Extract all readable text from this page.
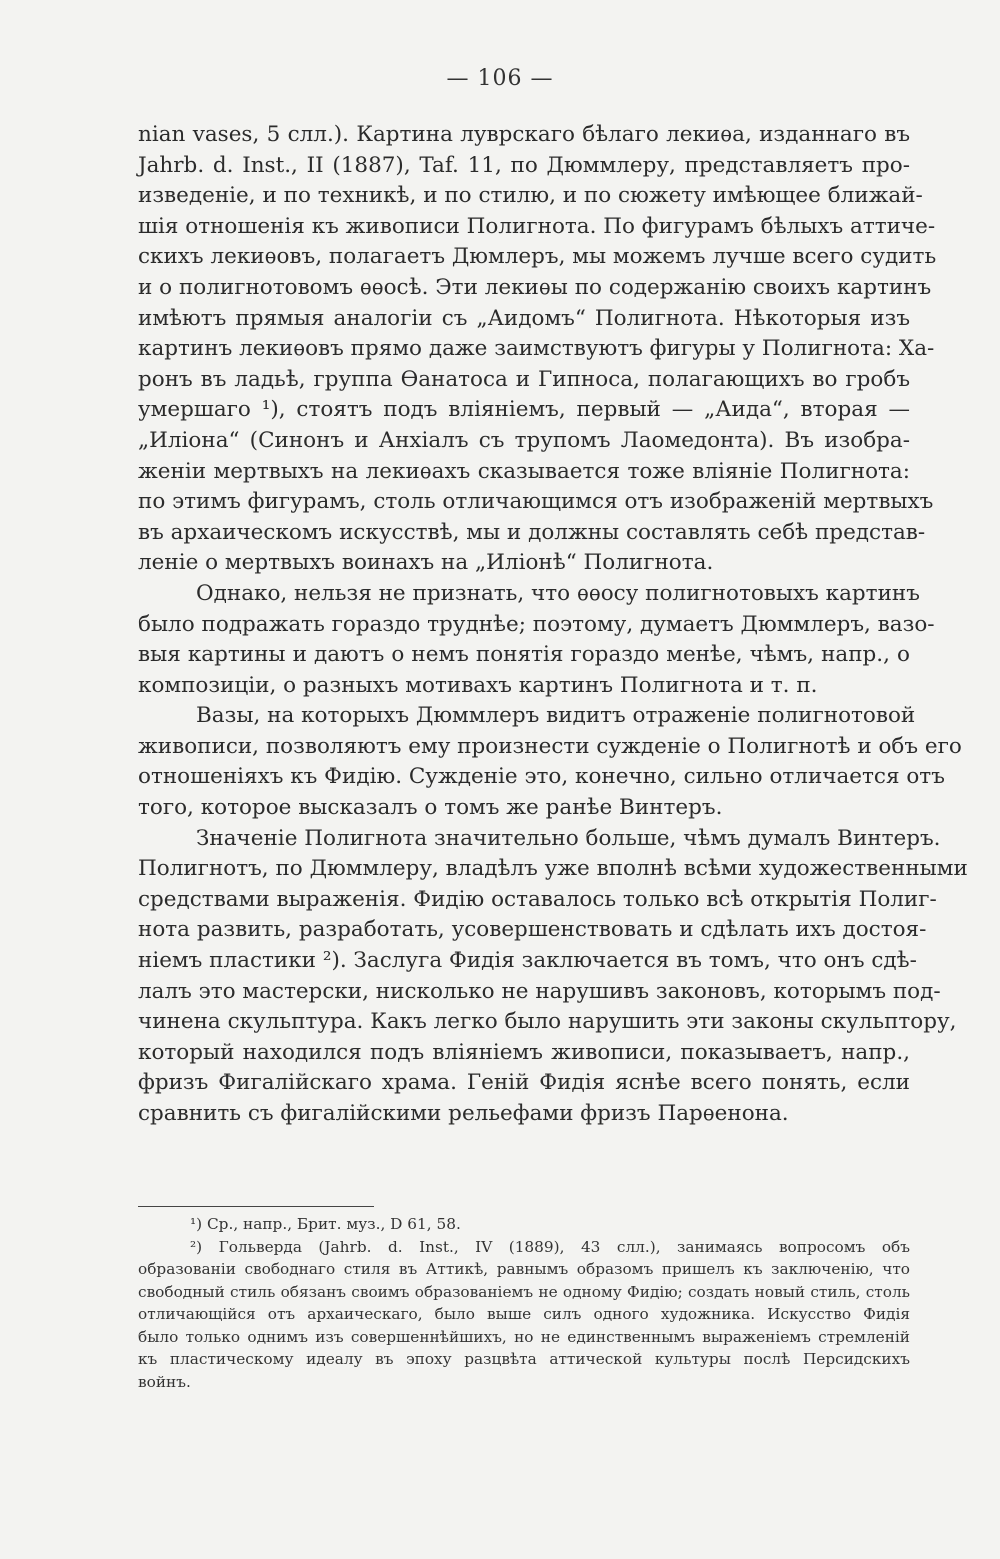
— 106 —
nian vases, 5 слл.). Картина луврскаго бѣлаго лекиѳа, изданнаго въ
Jahrb. d. Inst., II (1887), Taf. 11, по Дюммлеру, представляетъ про-
изведеніе, и по техникѣ, и по стилю, и по сюжету имѣющее ближай-
шія отношенія къ живописи Полигнота. По фигурамъ бѣлыхъ аттиче-
скихъ лекиѳовъ, полагаетъ Дюмлеръ, мы можемъ лучше всего судить
и о полигнотовомъ ѳѳосѣ. Эти лекиѳы по содержанію своихъ картинъ
имѣютъ прямыя аналогіи съ „Аидомъ“ Полигнота. Нѣкоторыя изъ
картинъ лекиѳовъ прямо даже заимствуютъ фигуры у Полигнота: Ха-
ронъ въ ладьѣ, группа Ѳанатоса и Гипноса, полагающихъ во гробъ
умершаго ¹), стоятъ подъ вліяніемъ, первый — „Аида“, вторая —
„Иліона“ (Синонъ и Анхіалъ съ трупомъ Лаомедонта). Въ изобра-
женіи мертвыхъ на лекиѳахъ сказывается тоже вліяніе Полигнота:
по этимъ фигурамъ, столь отличающимся отъ изображеній мертвыхъ
въ архаическомъ искусствѣ, мы и должны составлять себѣ представ-
леніе о мертвыхъ воинахъ на „Иліонѣ“ Полигнота.
Однако, нельзя не признать, что ѳѳосу полигнотовыхъ картинъ
было подражать гораздо труднѣе; поэтому, думаетъ Дюммлеръ, вазо-
выя картины и даютъ о немъ понятія гораздо менѣе, чѣмъ, напр., о
композиціи, о разныхъ мотивахъ картинъ Полигнота и т. п.
Вазы, на которыхъ Дюммлеръ видитъ отраженіе полигнотовой
живописи, позволяютъ ему произнести сужденіе о Полигнотѣ и объ его
отношеніяхъ къ Фидію. Сужденіе это, конечно, сильно отличается отъ
того, которое высказалъ о томъ же ранѣе Винтеръ.
Значеніе Полигнота значительно больше, чѣмъ думалъ Винтеръ.
Полигнотъ, по Дюммлеру, владѣлъ уже вполнѣ всѣми художественными
средствами выраженія. Фидію оставалось только всѣ открытія Полиг-
нота развить, разработать, усовершенствовать и сдѣлать ихъ достоя-
ніемъ пластики ²). Заслуга Фидія заключается въ томъ, что онъ сдѣ-
лалъ это мастерски, нисколько не нарушивъ законовъ, которымъ под-
чинена скульптура. Какъ легко было нарушить эти законы скульптору,
который находился подъ вліяніемъ живописи, показываетъ, напр.,
фризъ Фигалійскаго храма. Геній Фидія яснѣе всего понять, если
сравнить съ фигалійскими рельефами фризъ Парѳенона.
¹) Ср., напр., Брит. муз., D 61, 58.
²) Гольверда (Jahrb. d. Inst., IV (1889), 43 слл.), занимаясь вопросомъ объ
образованіи свободнаго стиля въ Аттикѣ, равнымъ образомъ пришелъ къ заключенію, что
свободный стиль обязанъ своимъ образованіемъ не одному Фидію; создать новый стиль, столь
отличающійся отъ архаическаго, было выше силъ одного художника. Искусство Фидія
было только однимъ изъ совершеннѣйшихъ, но не единственнымъ выраженіемъ стремленій
къ пластическому идеалу въ эпоху разцвѣта аттической культуры послѣ Персидскихъ
войнъ.
